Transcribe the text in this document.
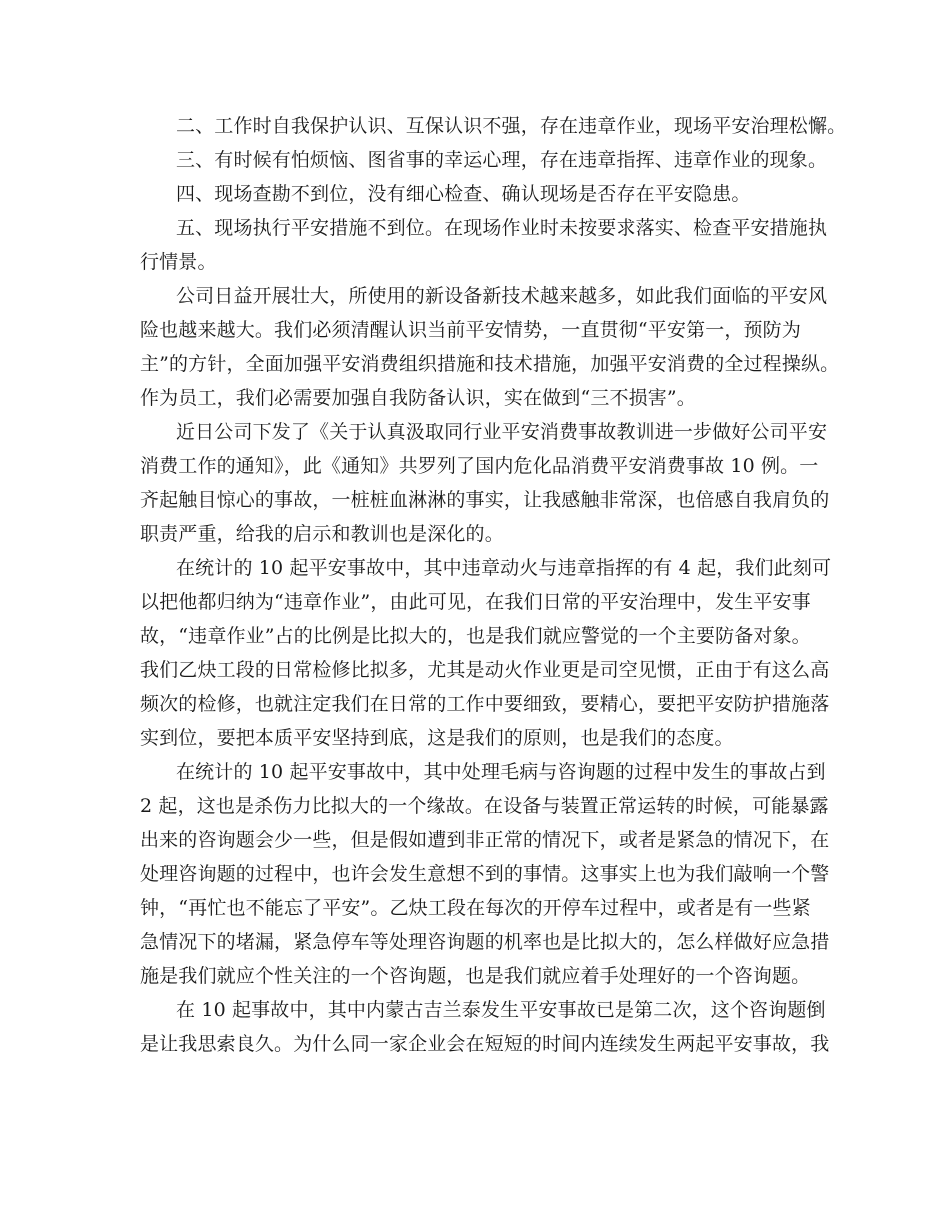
二、工作时自我保护认识、互保认识不强，存在违章作业，现场平安治理松懈。
三、有时候有怕烦恼、图省事的幸运心理，存在违章指挥、违章作业的现象。
四、现场查勘不到位，没有细心检查、确认现场是否存在平安隐患。
五、现场执行平安措施不到位。在现场作业时未按要求落实、检查平安措施执
行情景。
公司日益开展壮大，所使用的新设备新技术越来越多，如此我们面临的平安风
险也越来越大。我们必须清醒认识当前平安情势，一直贯彻“平安第一，预防为
主”的方针，全面加强平安消费组织措施和技术措施，加强平安消费的全过程操纵。
作为员工，我们必需要加强自我防备认识，实在做到“三不损害”。
近日公司下发了《关于认真汲取同行业平安消费事故教训进一步做好公司平安
消费工作的通知》，此《通知》共罗列了国内危化品消费平安消费事故 10 例。一
齐起触目惊心的事故，一桩桩血淋淋的事实，让我感触非常深，也倍感自我肩负的
职责严重，给我的启示和教训也是深化的。
在统计的 10 起平安事故中，其中违章动火与违章指挥的有 4 起，我们此刻可
以把他都归纳为“违章作业”，由此可见，在我们日常的平安治理中，发生平安事
故，“违章作业”占的比例是比拟大的，也是我们就应警觉的一个主要防备对象。
我们乙炔工段的日常检修比拟多，尤其是动火作业更是司空见惯，正由于有这么高
频次的检修，也就注定我们在日常的工作中要细致，要精心，要把平安防护措施落
实到位，要把本质平安坚持到底，这是我们的原则，也是我们的态度。
在统计的 10 起平安事故中，其中处理毛病与咨询题的过程中发生的事故占到
2 起，这也是杀伤力比拟大的一个缘故。在设备与装置正常运转的时候，可能暴露
出来的咨询题会少一些，但是假如遭到非正常的情况下，或者是紧急的情况下，在
处理咨询题的过程中，也许会发生意想不到的事情。这事实上也为我们敲响一个警
钟，“再忙也不能忘了平安”。乙炔工段在每次的开停车过程中，或者是有一些紧
急情况下的堵漏，紧急停车等处理咨询题的机率也是比拟大的，怎么样做好应急措
施是我们就应个性关注的一个咨询题，也是我们就应着手处理好的一个咨询题。
在 10 起事故中，其中内蒙古吉兰泰发生平安事故已是第二次，这个咨询题倒
是让我思索良久。为什么同一家企业会在短短的时间内连续发生两起平安事故，我
